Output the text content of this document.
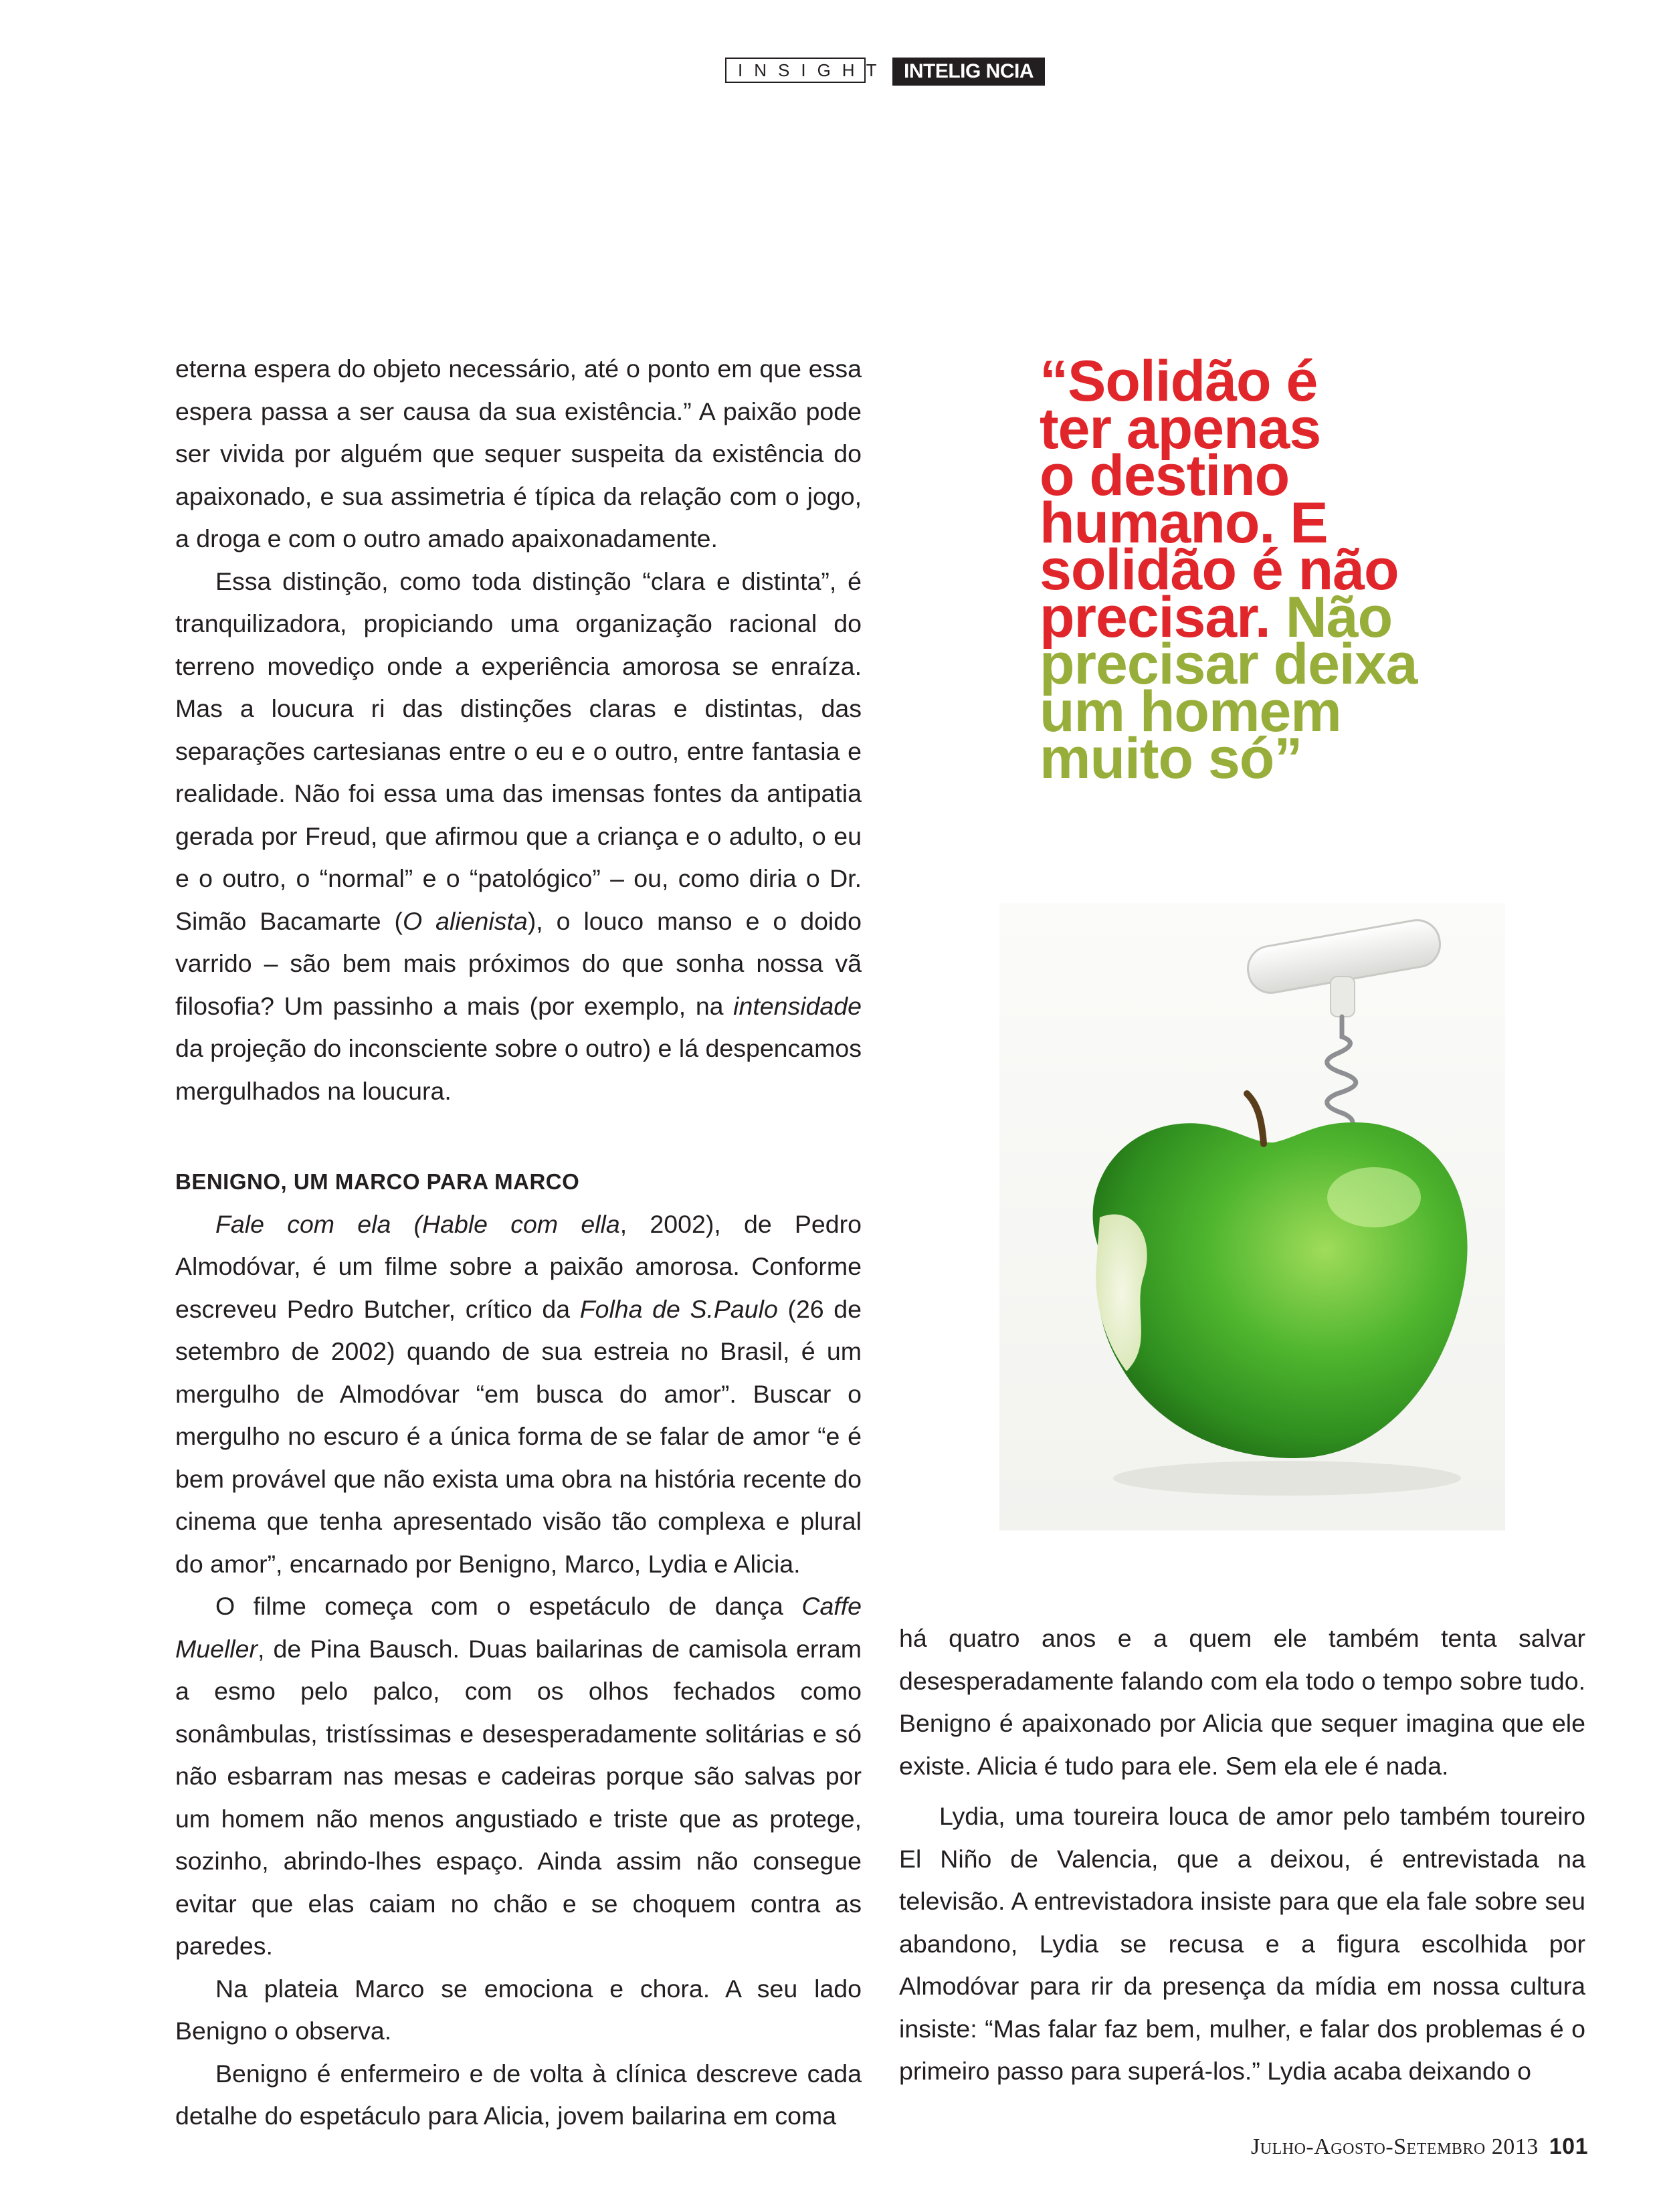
INSIGHT INTELIG NCIA

eterna espera do objeto necessário, até o ponto em que essa espera passa a ser causa da sua existência.” A paixão pode ser vivida por alguém que sequer suspeita da existência do apaixonado, e sua assimetria é típica da relação com o jogo, a droga e com o outro amado apaixonadamente.

Essa distinção, como toda distinção “clara e distinta”, é tranquilizadora, propiciando uma organização racional do terreno movediço onde a experiência amorosa se enraíza. Mas a loucura ri das distinções claras e distintas, das separações cartesianas entre o eu e o outro, entre fantasia e realidade. Não foi essa uma das imensas fontes da antipatia gerada por Freud, que afirmou que a criança e o adulto, o eu e o outro, o “normal” e o “patológico” – ou, como diria o Dr. Simão Bacamarte (O alienista), o louco manso e o doido varrido – são bem mais próximos do que sonha nossa vã filosofia? Um passinho a mais (por exemplo, na intensidade da projeção do inconsciente sobre o outro) e lá despencamos mergulhados na loucura.

BENIGNO, UM MARCO PARA MARCO

Fale com ela (Hable com ella, 2002), de Pedro Almodóvar, é um filme sobre a paixão amorosa. Conforme escreveu Pedro Butcher, crítico da Folha de S.Paulo (26 de setembro de 2002) quando de sua estreia no Brasil, é um mergulho de Almodóvar “em busca do amor”. Buscar o mergulho no escuro é a única forma de se falar de amor “e é bem provável que não exista uma obra na história recente do cinema que tenha apresentado visão tão complexa e plural do amor”, encarnado por Benigno, Marco, Lydia e Alicia.

O filme começa com o espetáculo de dança Caffe Mueller, de Pina Bausch. Duas bailarinas de camisola erram a esmo pelo palco, com os olhos fechados como sonâmbulas, tristíssimas e desesperadamente solitárias e só não esbarram nas mesas e cadeiras porque são salvas por um homem não menos angustiado e triste que as protege, sozinho, abrindo-lhes espaço. Ainda assim não consegue evitar que elas caiam no chão e se choquem contra as paredes.

Na plateia Marco se emociona e chora. A seu lado Benigno o observa.

Benigno é enfermeiro e de volta à clínica descreve cada detalhe do espetáculo para Alicia, jovem bailarina em coma

“Solidão é
ter apenas
o destino
humano. E
solidão é não
precisar. Não
precisar deixa
um homem
muito só”

há quatro anos e a quem ele também tenta salvar desesperadamente falando com ela todo o tempo sobre tudo. Benigno é apaixonado por Alicia que sequer imagina que ele existe. Alicia é tudo para ele. Sem ela ele é nada.

Lydia, uma toureira louca de amor pelo também toureiro El Niño de Valencia, que a deixou, é entrevistada na televisão. A entrevistadora insiste para que ela fale sobre seu abandono, Lydia se recusa e a figura escolhida por Almodóvar para rir da presença da mídia em nossa cultura insiste: “Mas falar faz bem, mulher, e falar dos problemas é o primeiro passo para superá-los.” Lydia acaba deixando o

Julho-Agosto-Setembro 2013 101
